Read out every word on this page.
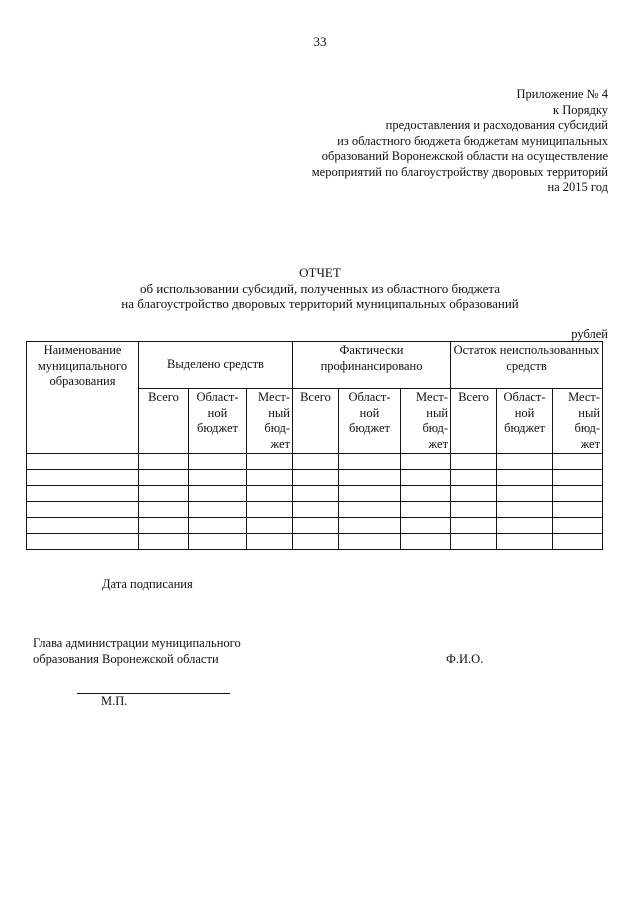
33
Приложение № 4
к Порядку
предоставления и расходования субсидий
из областного бюджета бюджетам муниципальных
образований Воронежской области на осуществление
мероприятий по благоустройству дворовых территорий
на 2015 год
ОТЧЕТ
об использовании субсидий, полученных из областного бюджета
на благоустройство дворовых территорий муниципальных образований
рублей
Наименование муниципального образования	Выделено средств			Фактически профинансировано			Остаток неиспользованных средств		
	Всего	Област-ной бюджет	Мест-ный бюд-жет	Всего	Област-ной бюджет	Мест-ный бюд-жет	Всего	Област-ной бюджет	Мест-ный бюд-жет

Дата подписания
Глава администрации муниципального
образования Воронежской области	Ф.И.О.
М.П.
